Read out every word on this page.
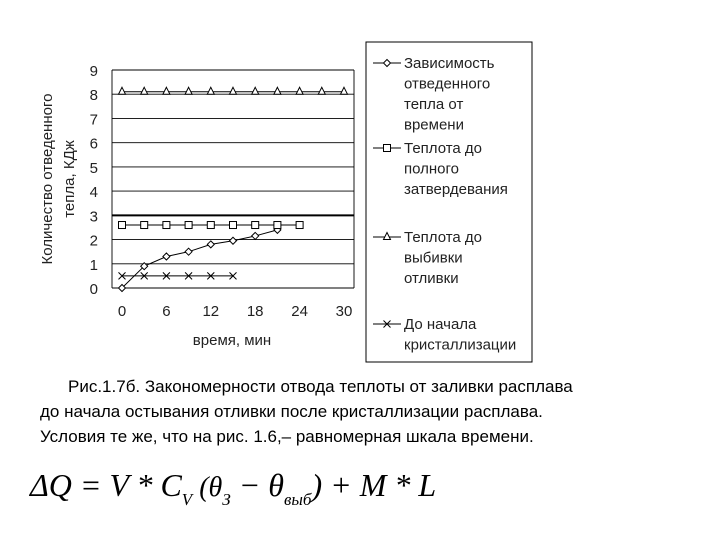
Количество отведенного тепла, КДж
0
1
2
3
4
5
6
7
8
9
0 6 12 18 24 30
время, мин
Зависимость
отведенного
тепла от
времени
Теплота до
полного
затвердевания
Теплота до
выбивки
отливки
До начала
кристаллизации
Рис.1.7б. Закономерности отвода теплоты от заливки расплава
до начала остывания отливки после кристаллизации расплава.
Условия те же, что на рис. 1.6,– равномерная шкала времени.
$\Delta Q = V * C_V$ $(\theta_З - \theta_{выб}) + M * L$
